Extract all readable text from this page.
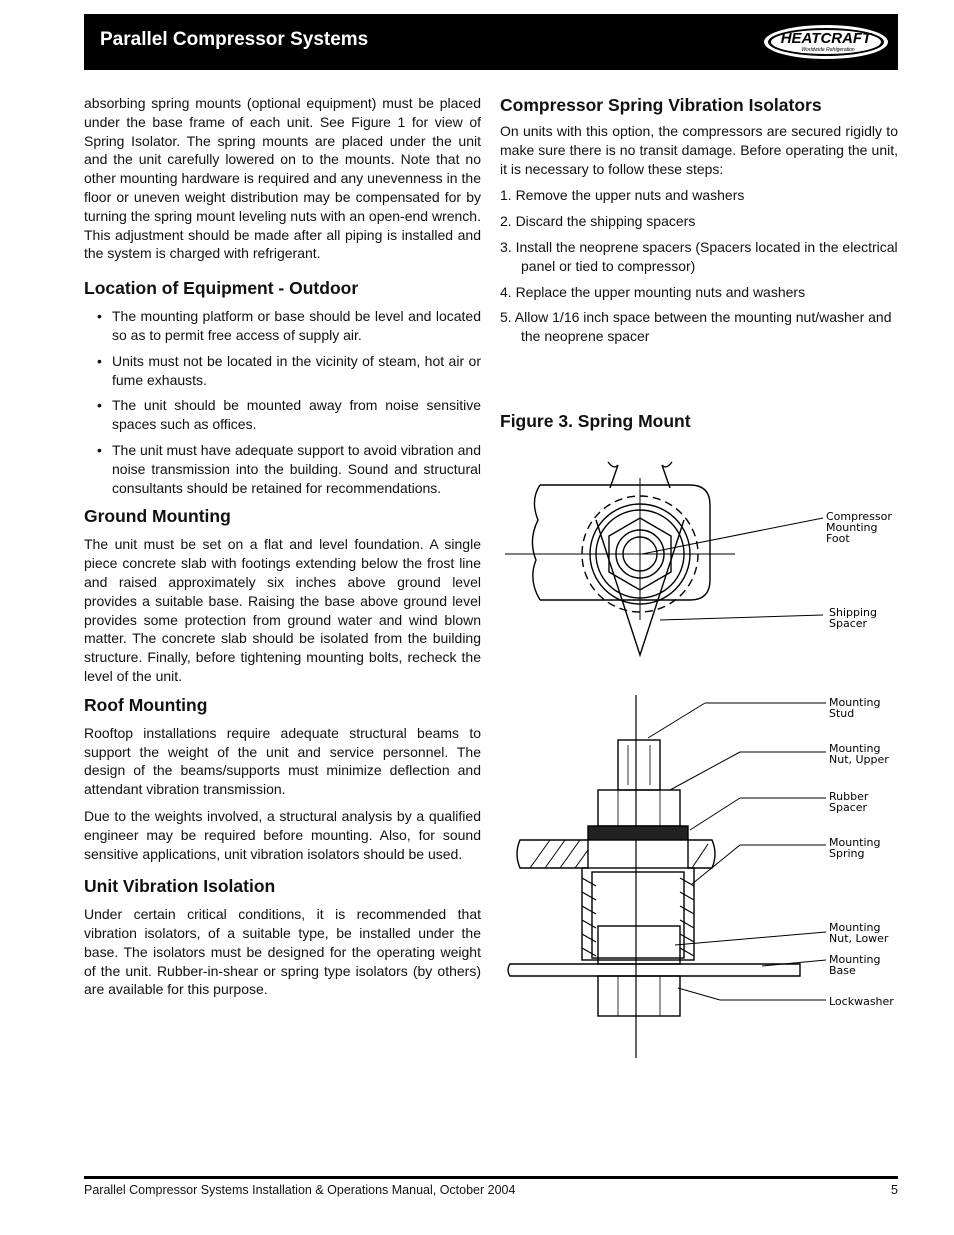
Parallel Compressor Systems	HEATCRAFT
Worldwide Refrigeration

absorbing spring mounts (optional equipment) must be placed under the base frame of each unit. See Figure 1 for view of Spring Isolator. The spring mounts are placed under the unit and the unit carefully lowered on to the mounts. Note that no other mounting hardware is required and any unevenness in the floor or uneven weight distribution may be compensated for by turning the spring mount leveling nuts with an open-end wrench. This adjustment should be made after all piping is installed and the system is charged with refrigerant.

Location of Equipment - Outdoor
• The mounting platform or base should be level and located so as to permit free access of supply air.
• Units must not be located in the vicinity of steam, hot air or fume exhausts.
• The unit should be mounted away from noise sensitive spaces such as offices.
• The unit must have adequate support to avoid vibration and noise transmission into the building. Sound and structural consultants should be retained for recommendations.
Ground Mounting

The unit must be set on a flat and level foundation. A single piece concrete slab with footings extending below the frost line and raised approximately six inches above ground level provides a suitable base. Raising the base above ground level provides some protection from ground water and wind blown matter. The concrete slab should be isolated from the building structure. Finally, before tightening mounting bolts, recheck the level of the unit.

Roof Mounting

Rooftop installations require adequate structural beams to support the weight of the unit and service personnel. The design of the beams/supports must minimize deflection and attendant vibration transmission.

Due to the weights involved, a structural analysis by a qualified engineer may be required before mounting. Also, for sound sensitive applications, unit vibration isolators should be used.

Unit Vibration Isolation

Under certain critical conditions, it is recommended that vibration isolators, of a suitable type, be installed under the base. The isolators must be designed for the operating weight of the unit. Rubber-in-shear or spring type isolators (by others) are available for this purpose.

Compressor Spring Vibration Isolators

On units with this option, the compressors are secured rigidly to make sure there is no transit damage. Before operating the unit, it is necessary to follow these steps:

1. Remove the upper nuts and washers
2. Discard the shipping spacers
3. Install the neoprene spacers (Spacers located in the electrical panel or tied to compressor)
4. Replace the upper mounting nuts and washers
5. Allow 1/16 inch space between the mounting nut/washer and the neoprene spacer
Figure 3. Spring Mount
Compressor
Mounting
Foot
Shipping
Spacer
Mounting
Stud
Mounting
Nut, Upper
Rubber
Spacer
Mounting
Spring
Mounting
Nut, Lower
Mounting
Base
Lockwasher
Parallel Compressor Systems Installation & Operations Manual, October 2004	5
